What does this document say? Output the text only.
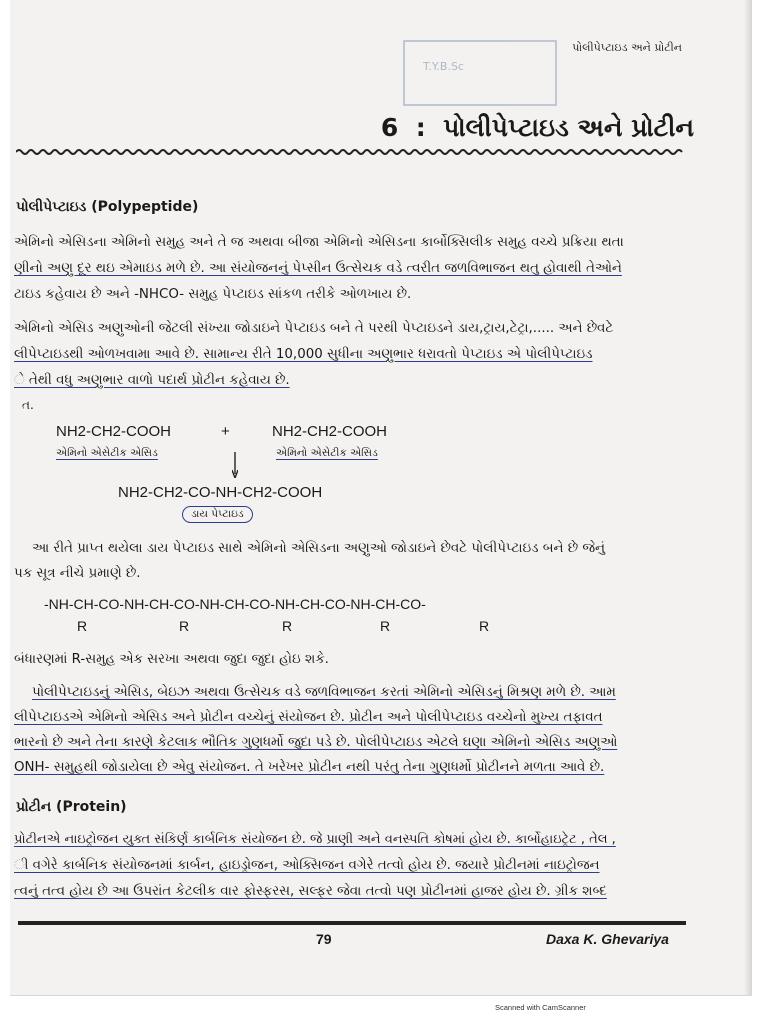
પોલીપેપ્ટાઇડ અને પ્રોટીન
T.Y.B.Sc
6 : પોલીપેપ્ટાઇડ અને પ્રોટીન
પોલીપેપ્ટાઇડ (Polypeptide)
એમિનો એસિડના એમિનો સમુહ અને તે જ અથવા બીજા એમિનો એસિડના કાર્બોક્સિલીક સમુહ વચ્ચે પ્રક્રિયા થતા
ણીનો અણુ દૂર થઇ એમાઇડ મળે છે. આ સંયોજનનું પેપ્સીન ઉત્સેચક વડે ત્વરીત જળવિભાજન થતુ હોવાથી તેઓને
ટાઇડ કહેવાય છે અને -NHCO- સમુહ પેપ્ટાઇડ સાંકળ તરીકે ઓળખાય છે.
એમિનો એસિડ અણુઓની જેટલી સંખ્યા જોડાઇને પેપ્ટાઇડ બને તે પરથી પેપ્ટાઇડને ડાય,ટ્રાય,ટેટ્રા,..... અને છેવટે
લીપેપ્ટાઇડથી ઓળખવામા આવે છે. સામાન્ય રીતે 10,000 સુધીના અણુભાર ધરાવતો પેપ્ટાઇડ એ પોલીપેપ્ટાઇડ
ે તેથી વધુ અણુભાર વાળો પદાર્થ પ્રોટીન કહેવાય છે.
ત.
NH2-CH2-COOH
એમિનો એસેટીક એસિડ
+	NH2-CH2-COOH
એમિનો એસેટીક એસિડ
NH2-CH2-CO-NH-CH2-COOH
ડાય પેપ્ટાઇડ
આ રીતે પ્રાપ્ત થયેલા ડાય પેપ્ટાઇડ સાથે એમિનો એસિડના અણુઓ જોડાઇને છેવટે પોલીપેપ્ટાઇડ બને છે જેનું
પક સૂત્ર નીચે પ્રમાણે છે.
-NH-CH-CO-NH-CH-CO-NH-CH-CO-NH-CH-CO-NH-CH-CO-
R	R	R	R	R
બંધારણમાં R-સમુહ એક સરખા અથવા જુદા જુદા હોઇ શકે.
પોલીપેપ્ટાઇડનું એસિડ, બેઇઝ અથવા ઉત્સેચક વડે જળવિભાજન કરતાં એમિનો એસિડનું મિશ્રણ મળે છે. આમ
લીપેપ્ટાઇડએ એમિનો એસિડ અને પ્રોટીન વચ્ચેનું સંયોજન છે. પ્રોટીન અને પોલીપેપ્ટાઇડ વચ્ચેનો મુખ્ય તફાવત
ભારનો છે અને તેના કારણે કેટલાક ભૌતિક ગુણધર્મો જુદા પડે છે. પોલીપેપ્ટાઇડ એટલે ઘણા એમિનો એસિડ અણુઓ
ONH- સમુહથી જોડાયેલા છે એવુ સંયોજન. તે ખરેખર પ્રોટીન નથી પરંતુ તેના ગુણધર્મો પ્રોટીનને મળતા આવે છે.
પ્રોટીન (Protein)
પ્રોટીનએ નાઇટ્રોજન યુક્ત સંકિર્ણ કાર્બનિક સંયોજન છે. જે પ્રાણી અને વનસ્પતિ કોષમાં હોય છે. કાર્બોહાઇટ્રેટ , તેલ ,
ી વગેરે કાર્બનિક સંયોજનમાં કાર્બન, હાઇડ્રોજન, ઓક્સિજન વગેરે તત્વો હોય છે. જયારે પ્રોટીનમાં નાઇટ્રોજન
ત્વનું તત્વ હોય છે આ ઉપરાંત કેટલીક વાર ફોસ્ફરસ, સલ્ફર જેવા તત્વો પણ પ્રોટીનમાં હાજર હોય છે. ગ્રીક શબ્દ
79	Daxa K. Ghevariya
Scanned with CamScanner
